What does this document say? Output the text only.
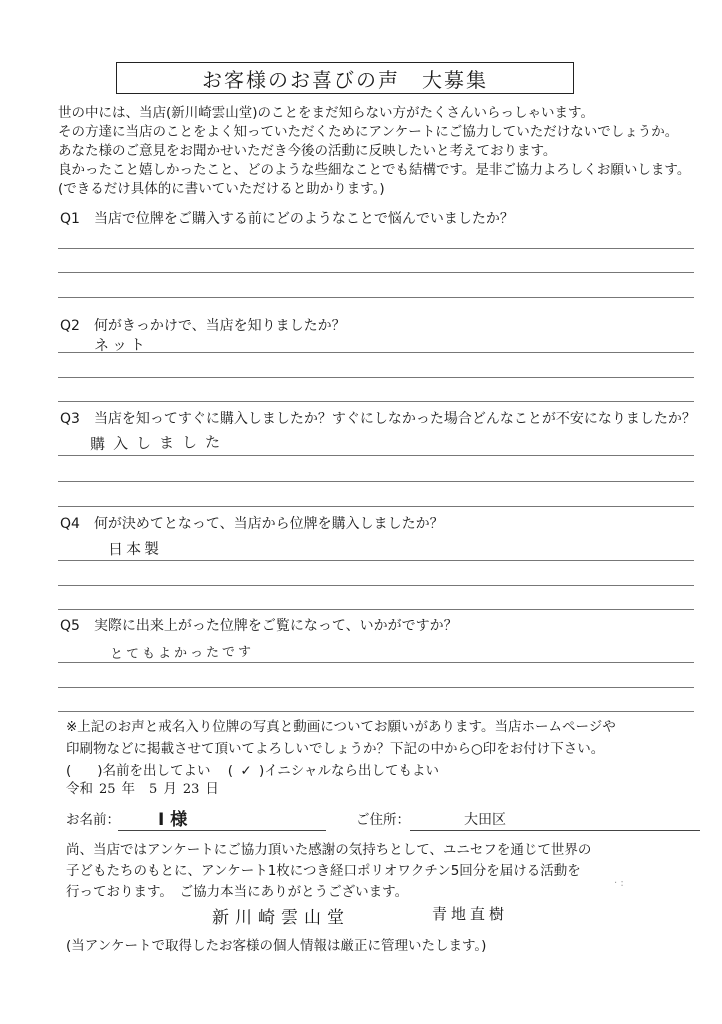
お客様のお喜びの声　大募集
世の中には、当店(新川崎雲山堂)のことをまだ知らない方がたくさんいらっしゃいます。
その方達に当店のことをよく知っていただくためにアンケートにご協力していただけないでしょうか。
あなた様のご意見をお聞かせいただき今後の活動に反映したいと考えております。
良かったこと嬉しかったこと、どのような些細なことでも結構です。是非ご協力よろしくお願いします。
(できるだけ具体的に書いていただけると助かります。)
Q1 当店で位牌をご購入する前にどのようなことで悩んでいましたか？
Q2 何がきっかけで、当店を知りましたか？
ネット
Q3 当店を知ってすぐに購入しましたか？すぐにしなかった場合どんなことが不安になりましたか？
購入しました
Q4 何が決めてとなって、当店から位牌を購入しましたか？
日本製
Q5 実際に出来上がった位牌をご覧になって、いかがですか？
とてもよかったです
※上記のお声と戒名入り位牌の写真と動画についてお願いがあります。当店ホームページや
印刷物などに掲載させて頂いてよろしいでしょうか？下記の中から○印をお付け下さい。
( )名前を出してよい ( ✓ )イニシャルなら出してもよい
令和 25 年 5 月 23 日
お名前： I 様	ご住所：	大田区
尚、当店ではアンケートにご協力頂いた感謝の気持ちとして、ユニセフを通じて世界の
子どもたちのもとに、アンケート1枚につき経口ポリオワクチン5回分を届ける活動を
行っております。　ご協力本当にありがとうございます。
· :
新川崎雲山堂	青地直樹
(当アンケートで取得したお客様の個人情報は厳正に管理いたします。)
